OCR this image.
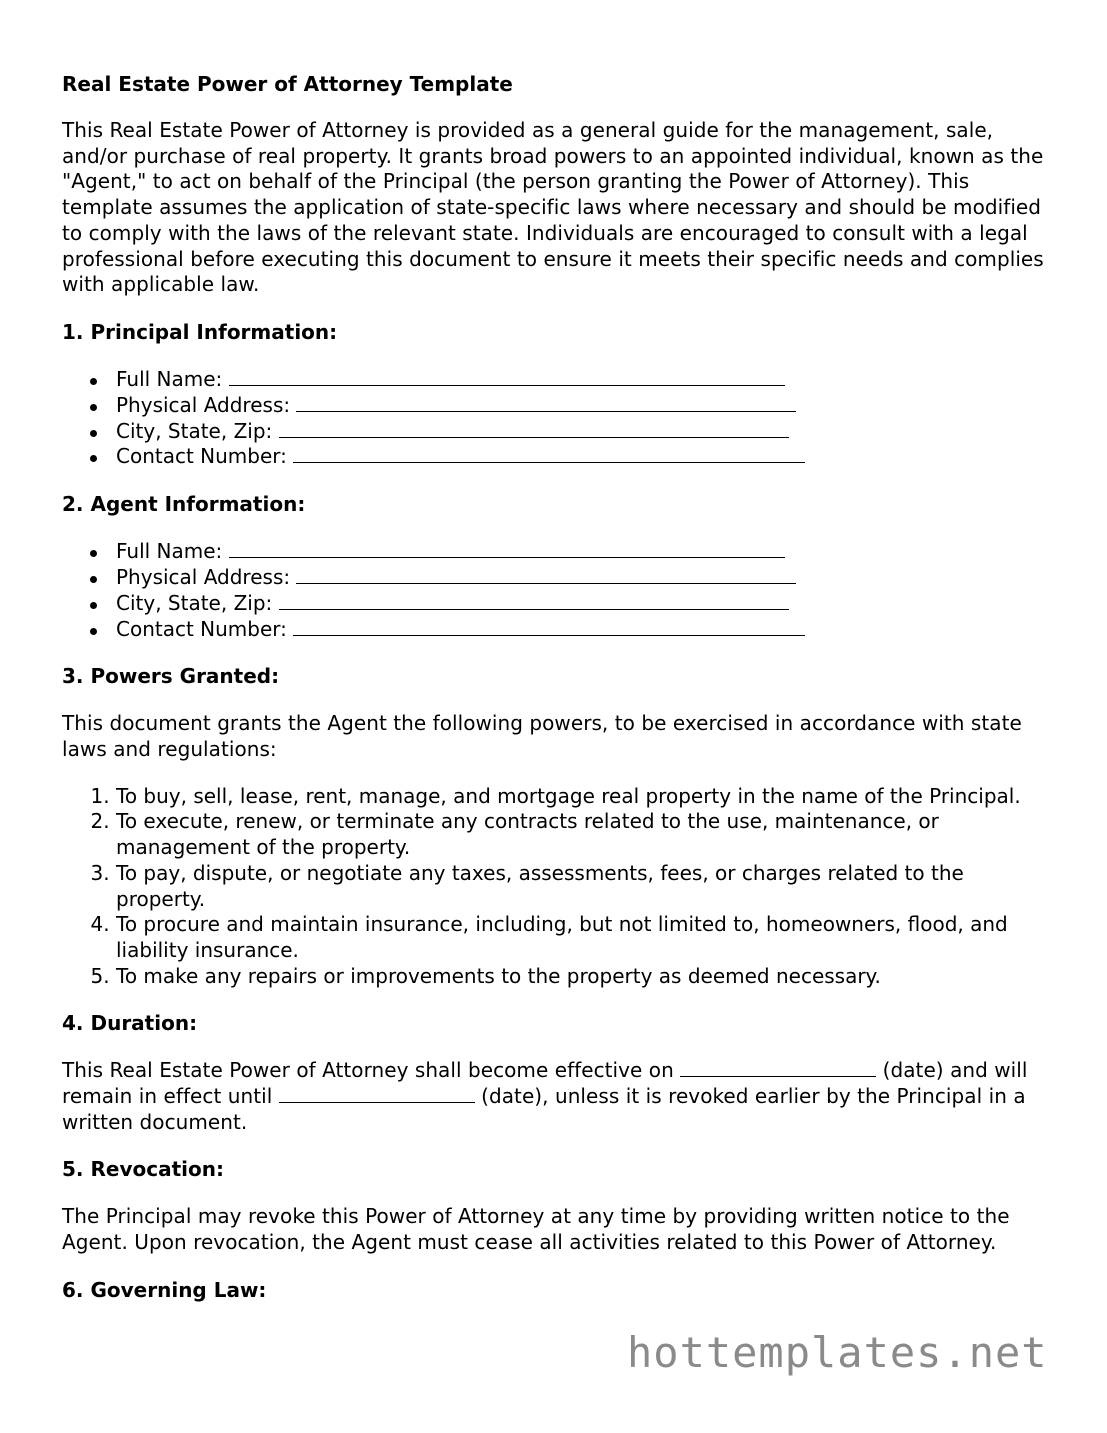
Real Estate Power of Attorney Template

This Real Estate Power of Attorney is provided as a general guide for the management, sale, and/or purchase of real property. It grants broad powers to an appointed individual, known as the "Agent," to act on behalf of the Principal (the person granting the Power of Attorney). This template assumes the application of state-specific laws where necessary and should be modified to comply with the laws of the relevant state. Individuals are encouraged to consult with a legal professional before executing this document to ensure it meets their specific needs and complies with applicable law.

1. Principal Information:
Full Name:
Physical Address:
City, State, Zip:
Contact Number:
2. Agent Information:
Full Name:
Physical Address:
City, State, Zip:
Contact Number:
3. Powers Granted:

This document grants the Agent the following powers, to be exercised in accordance with state laws and regulations:

1. To buy, sell, lease, rent, manage, and mortgage real property in the name of the Principal.
2. To execute, renew, or terminate any contracts related to the use, maintenance, or management of the property.
3. To pay, dispute, or negotiate any taxes, assessments, fees, or charges related to the property.
4. To procure and maintain insurance, including, but not limited to, homeowners, flood, and liability insurance.
5. To make any repairs or improvements to the property as deemed necessary.
4. Duration:

This Real Estate Power of Attorney shall become effective on	(date) and will remain in effect until	(date), unless it is revoked earlier by the Principal in a written document.

5. Revocation:

The Principal may revoke this Power of Attorney at any time by providing written notice to the Agent. Upon revocation, the Agent must cease all activities related to this Power of Attorney.

6. Governing Law:
hottemplates.net
